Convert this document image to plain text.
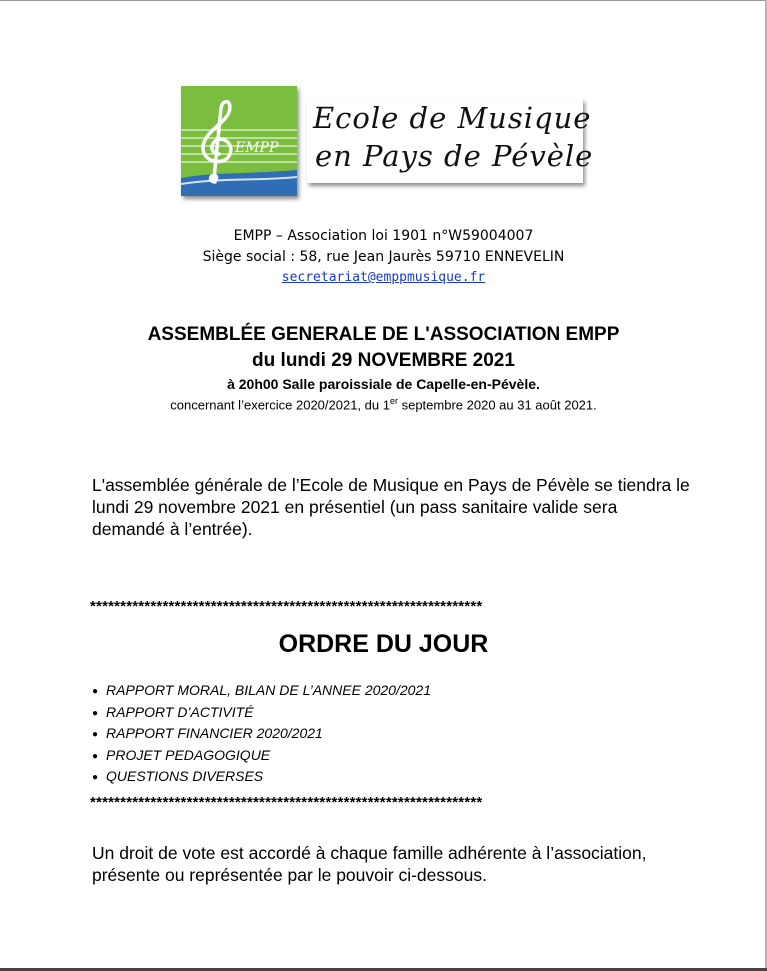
EMPP
Ecole de Musique
en Pays de Pévèle
EMPP – Association loi 1901 n°W59004007
Siège social : 58, rue Jean Jaurès 59710 ENNEVELIN
secretariat@emppmusique.fr
ASSEMBLÉE GENERALE DE L'ASSOCIATION EMPP
du lundi 29 NOVEMBRE 2021
à 20h00 Salle paroissiale de Capelle-en-Pévèle.
concernant l’exercice 2020/2021, du 1er septembre 2020 au 31 août 2021.
L'assemblée générale de l’Ecole de Musique en Pays de Pévèle se tiendra le lundi 29 novembre 2021 en présentiel (un pass sanitaire valide sera demandé à l’entrée).
*****************************************************************
ORDRE DU JOUR
● RAPPORT MORAL, BILAN DE L’ANNEE 2020/2021
● RAPPORT D’ACTIVITÉ
● RAPPORT FINANCIER 2020/2021
● PROJET PEDAGOGIQUE
● QUESTIONS DIVERSES
*****************************************************************
Un droit de vote est accordé à chaque famille adhérente à l’association, présente ou représentée par le pouvoir ci-dessous.
